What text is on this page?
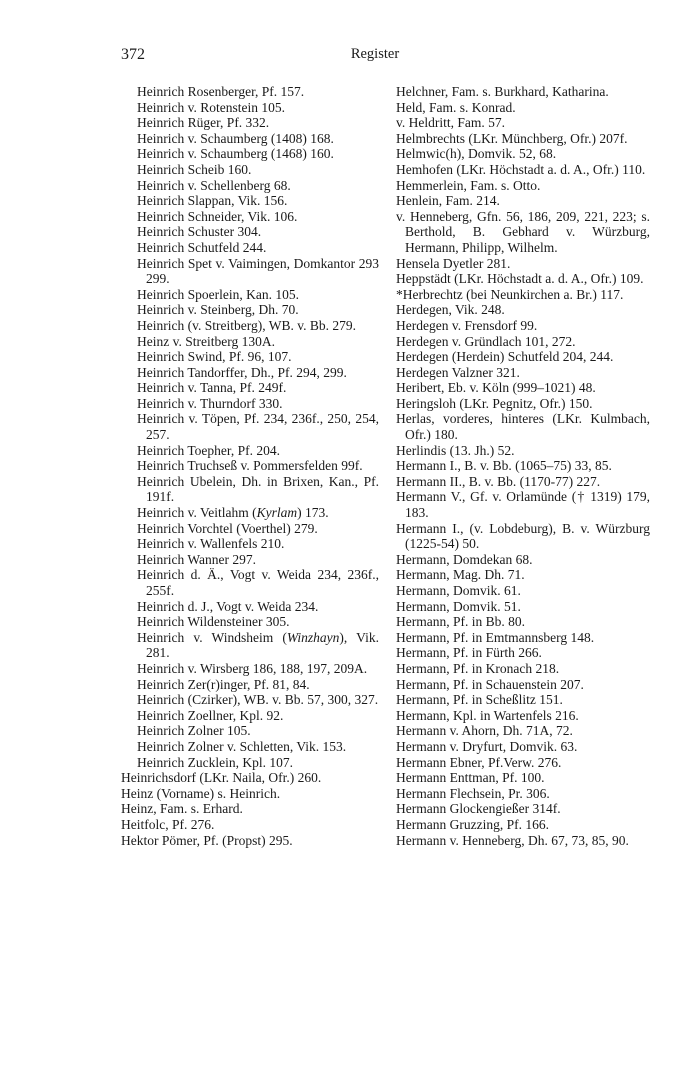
372	Register
Heinrich Rosenberger, Pf. 157.
Heinrich v. Rotenstein 105.
Heinrich Rüger, Pf. 332.
Heinrich v. Schaumberg (1408) 168.
Heinrich v. Schaumberg (1468) 160.
Heinrich Scheib 160.
Heinrich v. Schellenberg 68.
Heinrich Slappan, Vik. 156.
Heinrich Schneider, Vik. 106.
Heinrich Schuster 304.
Heinrich Schutfeld 244.
Heinrich Spet v. Vaimingen, Domkantor 293 299.
Heinrich Spoerlein, Kan. 105.
Heinrich v. Steinberg, Dh. 70.
Heinrich (v. Streitberg), WB. v. Bb. 279.
Heinz v. Streitberg 130A.
Heinrich Swind, Pf. 96, 107.
Heinrich Tandorffer, Dh., Pf. 294, 299.
Heinrich v. Tanna, Pf. 249f.
Heinrich v. Thurndorf 330.
Heinrich v. Töpen, Pf. 234, 236f., 250, 254, 257.
Heinrich Toepher, Pf. 204.
Heinrich Truchseß v. Pommersfelden 99f.
Heinrich Ubelein, Dh. in Brixen, Kan., Pf. 191f.
Heinrich v. Veitlahm (Kyrlam) 173.
Heinrich Vorchtel (Voerthel) 279.
Heinrich v. Wallenfels 210.
Heinrich Wanner 297.
Heinrich d. Ä., Vogt v. Weida 234, 236f., 255f.
Heinrich d. J., Vogt v. Weida 234.
Heinrich Wildensteiner 305.
Heinrich v. Windsheim (Winzhayn), Vik. 281.
Heinrich v. Wirsberg 186, 188, 197, 209A.
Heinrich Zer(r)inger, Pf. 81, 84.
Heinrich (Czirker), WB. v. Bb. 57, 300, 327.
Heinrich Zoellner, Kpl. 92.
Heinrich Zolner 105.
Heinrich Zolner v. Schletten, Vik. 153.
Heinrich Zucklein, Kpl. 107.
Heinrichsdorf (LKr. Naila, Ofr.) 260.
Heinz (Vorname) s. Heinrich.
Heinz, Fam. s. Erhard.
Heitfolc, Pf. 276.
Hektor Pömer, Pf. (Propst) 295.
Helchner, Fam. s. Burkhard, Katharina.
Held, Fam. s. Konrad.
v. Heldritt, Fam. 57.
Helmbrechts (LKr. Münchberg, Ofr.) 207f.
Helmwic(h), Domvik. 52, 68.
Hemhofen (LKr. Höchstadt a. d. A., Ofr.) 110.
Hemmerlein, Fam. s. Otto.
Henlein, Fam. 214.
v. Henneberg, Gfn. 56, 186, 209, 221, 223; s. Berthold, B. Gebhard v. Würzburg, Hermann, Philipp, Wilhelm.
Hensela Dyetler 281.
Heppstädt (LKr. Höchstadt a. d. A., Ofr.) 109.
*Herbrechtz (bei Neunkirchen a. Br.) 117.
Herdegen, Vik. 248.
Herdegen v. Frensdorf 99.
Herdegen v. Gründlach 101, 272.
Herdegen (Herdein) Schutfeld 204, 244.
Herdegen Valzner 321.
Heribert, Eb. v. Köln (999–1021) 48.
Heringsloh (LKr. Pegnitz, Ofr.) 150.
Herlas, vorderes, hinteres (LKr. Kulmbach, Ofr.) 180.
Herlindis (13. Jh.) 52.
Hermann I., B. v. Bb. (1065–75) 33, 85.
Hermann II., B. v. Bb. (1170-77) 227.
Hermann V., Gf. v. Orlamünde († 1319) 179, 183.
Hermann I., (v. Lobdeburg), B. v. Würzburg (1225-54) 50.
Hermann, Domdekan 68.
Hermann, Mag. Dh. 71.
Hermann, Domvik. 61.
Hermann, Domvik. 51.
Hermann, Pf. in Bb. 80.
Hermann, Pf. in Emtmannsberg 148.
Hermann, Pf. in Fürth 266.
Hermann, Pf. in Kronach 218.
Hermann, Pf. in Schauenstein 207.
Hermann, Pf. in Scheßlitz 151.
Hermann, Kpl. in Wartenfels 216.
Hermann v. Ahorn, Dh. 71A, 72.
Hermann v. Dryfurt, Domvik. 63.
Hermann Ebner, Pf.Verw. 276.
Hermann Enttman, Pf. 100.
Hermann Flechsein, Pr. 306.
Hermann Glockengießer 314f.
Hermann Gruzzing, Pf. 166.
Hermann v. Henneberg, Dh. 67, 73, 85, 90.
